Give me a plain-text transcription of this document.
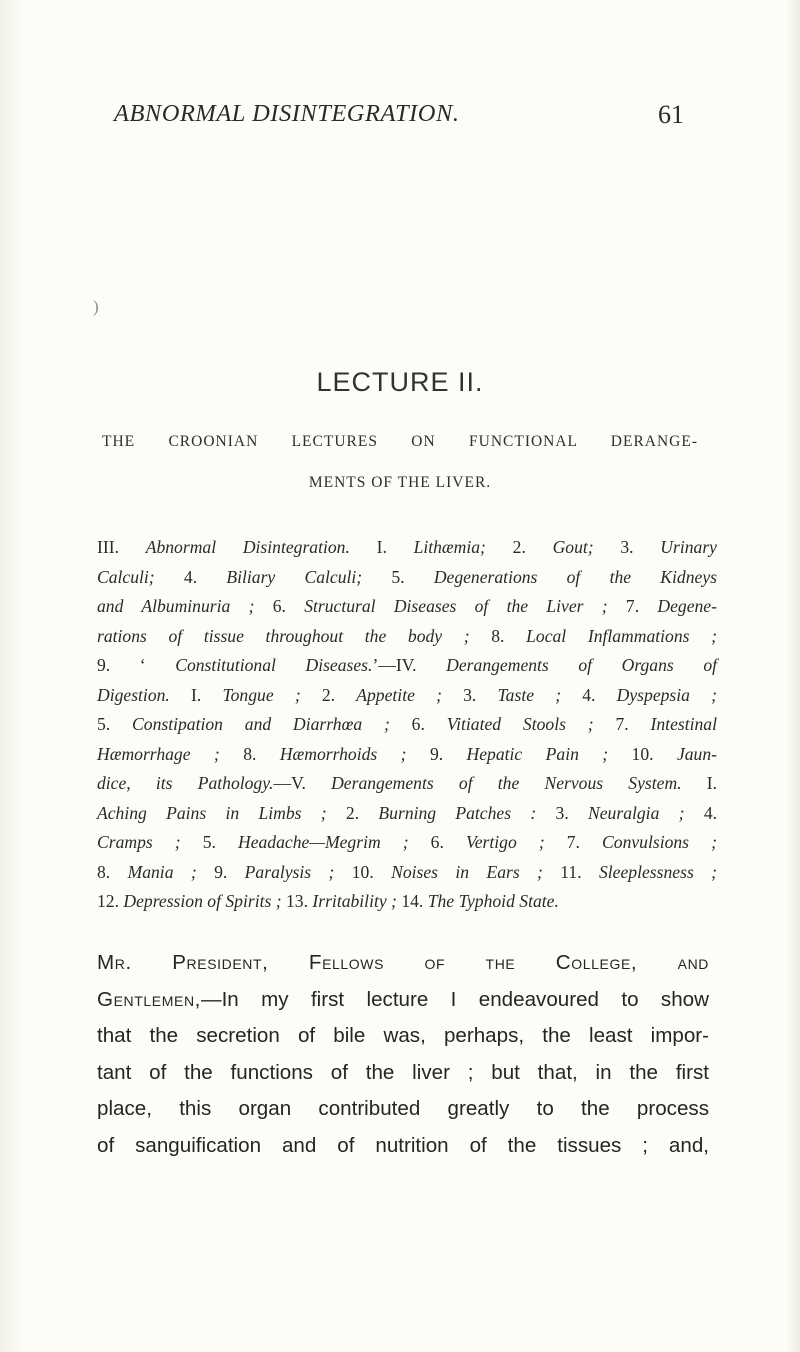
ABNORMAL DISINTEGRATION.	61
)
LECTURE II.
THE CROONIAN LECTURES ON FUNCTIONAL DERANGE-
MENTS OF THE LIVER.
III. Abnormal Disintegration. I. Lithæmia; 2. Gout; 3. Urinary
Calculi; 4. Biliary Calculi; 5. Degenerations of the Kidneys
and Albuminuria ; 6. Structural Diseases of the Liver ; 7. Degene-
rations of tissue throughout the body ; 8. Local Inflammations ;
9. ‘ Constitutional Diseases.’—IV. Derangements of Organs of
Digestion. I. Tongue ; 2. Appetite ; 3. Taste ; 4. Dyspepsia ;
5. Constipation and Diarrhœa ; 6. Vitiated Stools ; 7. Intestinal
Hæmorrhage ; 8. Hæmorrhoids ; 9. Hepatic Pain ; 10. Jaun-
dice, its Pathology.—V. Derangements of the Nervous System. I.
Aching Pains in Limbs ; 2. Burning Patches : 3. Neuralgia ; 4.
Cramps ; 5. Headache—Megrim ; 6. Vertigo ; 7. Convulsions ;
8. Mania ; 9. Paralysis ; 10. Noises in Ears ; 11. Sleeplessness ;
12. Depression of Spirits ; 13. Irritability ; 14. The Typhoid State.
Mr. President, Fellows of the College, and
Gentlemen,—In my first lecture I endeavoured to show
that the secretion of bile was, perhaps, the least impor-
tant of the functions of the liver ; but that, in the first
place, this organ contributed greatly to the process
of sanguification and of nutrition of the tissues ; and,
